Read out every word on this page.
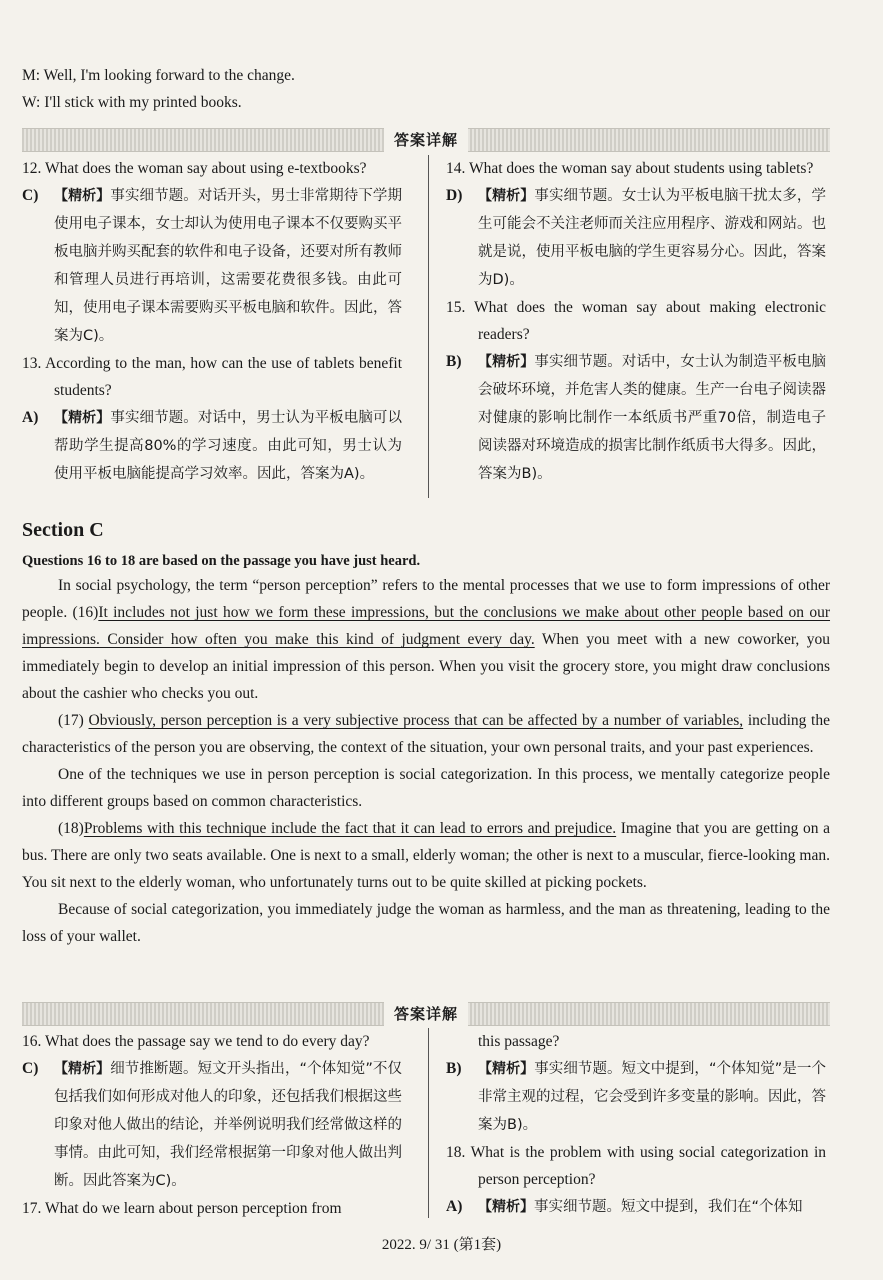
M: Well, I'm looking forward to the change.
W: I'll stick with my printed books.
答案详解

12. What does the woman say about using e-textbooks?

C) 【精析】事实细节题。对话开头，男士非常期待下学期使用电子课本，女士却认为使用电子课本不仅要购买平板电脑并购买配套的软件和电子设备，还要对所有教师和管理人员进行再培训，这需要花费很多钱。由此可知，使用电子课本需要购买平板电脑和软件。因此，答案为C)。

13. According to the man, how can the use of tablets benefit students?

A) 【精析】事实细节题。对话中，男士认为平板电脑可以帮助学生提高80%的学习速度。由此可知，男士认为使用平板电脑能提高学习效率。因此，答案为A)。

14. What does the woman say about students using tablets?

D) 【精析】事实细节题。女士认为平板电脑干扰太多，学生可能会不关注老师而关注应用程序、游戏和网站。也就是说，使用平板电脑的学生更容易分心。因此，答案为D)。

15. What does the woman say about making electronic readers?

B) 【精析】事实细节题。对话中，女士认为制造平板电脑会破坏环境，并危害人类的健康。生产一台电子阅读器对健康的影响比制作一本纸质书严重70倍，制造电子阅读器对环境造成的损害比制作纸质书大得多。因此，答案为B)。
Section C
Questions 16 to 18 are based on the passage you have just heard.

In social psychology, the term “person perception” refers to the mental processes that we use to form impressions of other people. (16)It includes not just how we form these impressions, but the conclusions we make about other people based on our impressions. Consider how often you make this kind of judgment every day. When you meet with a new coworker, you immediately begin to develop an initial impression of this person. When you visit the grocery store, you might draw conclusions about the cashier who checks you out.

(17) Obviously, person perception is a very subjective process that can be affected by a number of variables, including the characteristics of the person you are observing, the context of the situation, your own personal traits, and your past experiences.

One of the techniques we use in person perception is social categorization. In this process, we mentally categorize people into different groups based on common characteristics.

(18)Problems with this technique include the fact that it can lead to errors and prejudice. Imagine that you are getting on a bus. There are only two seats available. One is next to a small, elderly woman; the other is next to a muscular, fierce-looking man. You sit next to the elderly woman, who unfortunately turns out to be quite skilled at picking pockets.

Because of social categorization, you immediately judge the woman as harmless, and the man as threatening, leading to the loss of your wallet.

答案详解

16. What does the passage say we tend to do every day?

C) 【精析】细节推断题。短文开头指出，“个体知觉”不仅包括我们如何形成对他人的印象，还包括我们根据这些印象对他人做出的结论，并举例说明我们经常做这样的事情。由此可知，我们经常根据第一印象对他人做出判断。因此答案为C)。

17. What do we learn about person perception from

this passage?

B) 【精析】事实细节题。短文中提到，“个体知觉”是一个非常主观的过程，它会受到许多变量的影响。因此，答案为B)。

18. What is the problem with using social categorization in person perception?

A) 【精析】事实细节题。短文中提到，我们在“个体知
2022. 9/ 31 (第1套)
